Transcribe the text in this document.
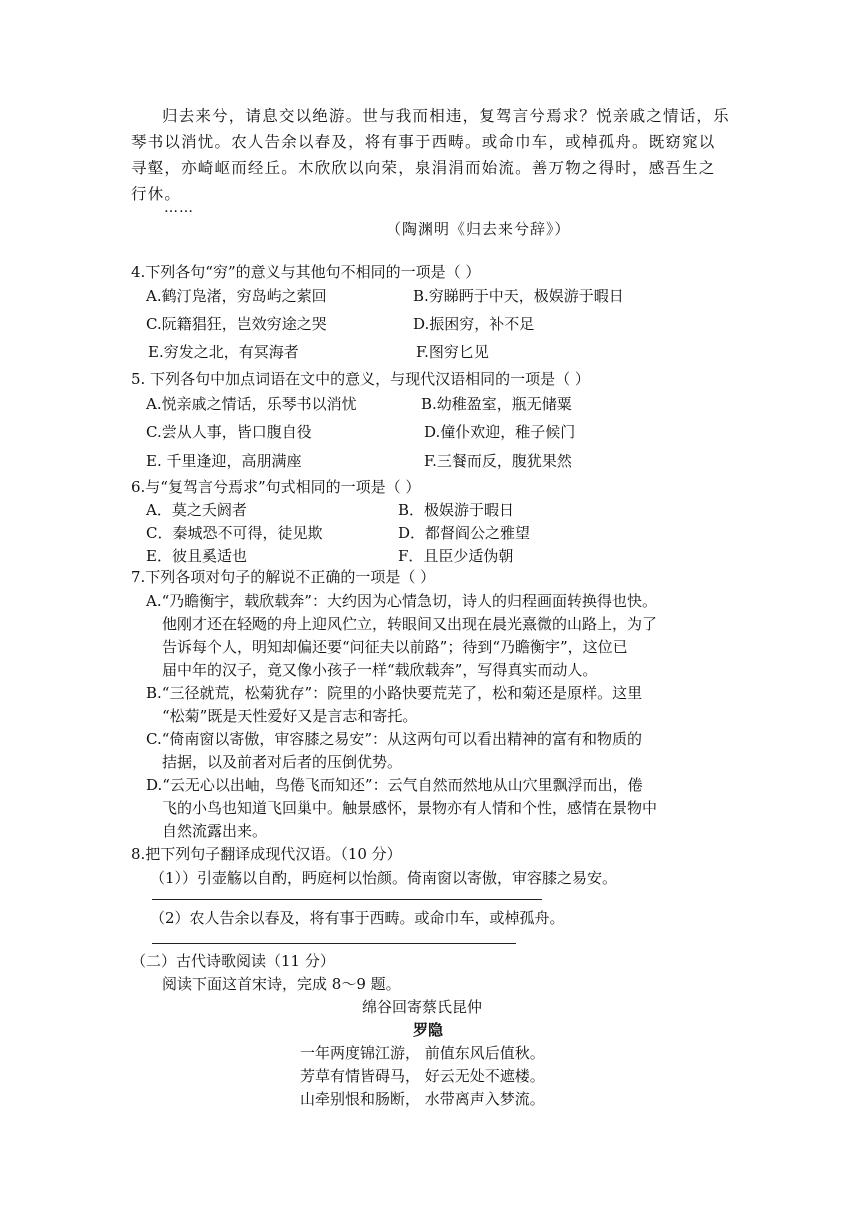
归去来兮，请息交以绝游。世与我而相违，复驾言兮焉求？悦亲戚之情话，乐琴书以消忧。农人告余以春及，将有事于西畴。或命巾车，或棹孤舟。既窈窕以寻壑，亦崎岖而经丘。木欣欣以向荣，泉涓涓而始流。善万物之得时，感吾生之行休。

……
（陶渊明《归去来兮辞》）
4.下列各句“穷”的意义与其他句不相同的一项是（ ）
A.鹤汀凫渚，穷岛屿之萦回	B.穷睇眄于中天，极娱游于暇日
C.阮籍猖狂，岂效穷途之哭	D.振困穷，补不足
E.穷发之北，有冥海者	F.图穷匕见
5. 下列各句中加点词语在文中的意义，与现代汉语相同的一项是（ ）
A.悦亲戚之情话，乐琴书以消忧	B.幼稚盈室，瓶无储粟
C.尝从人事，皆口腹自役	D.僮仆欢迎，稚子候门
E. 千里逢迎，高朋满座	F.三餐而反，腹犹果然
6.与“复驾言兮焉求”句式相同的一项是（ ）
A．莫之夭阏者	B．极娱游于暇日
C．秦城恐不可得，徒见欺	D．都督阎公之雅望
E．彼且奚适也	F．且臣少适伪朝
7.下列各项对句子的解说不正确的一项是（ ）
A.“乃瞻衡宇，载欣载奔”：大约因为心情急切，诗人的归程画面转换得也快。
他刚才还在轻飏的舟上迎风伫立，转眼间又出现在晨光熹微的山路上，为了
告诉每个人，明知却偏还要“问征夫以前路”；待到“乃瞻衡宇”，这位已
届中年的汉子，竟又像小孩子一样“载欣载奔”，写得真实而动人。
B.“三径就荒，松菊犹存”：院里的小路快要荒芜了，松和菊还是原样。这里
“松菊”既是天性爱好又是言志和寄托。
C.“倚南窗以寄傲，审容膝之易安”：从这两句可以看出精神的富有和物质的
拮据，以及前者对后者的压倒优势。
D.“云无心以出岫，鸟倦飞而知还”：云气自然而然地从山穴里飘浮而出，倦
飞的小鸟也知道飞回巢中。触景感怀，景物亦有人情和个性，感情在景物中
自然流露出来。
8.把下列句子翻译成现代汉语。（10 分）
（1））引壶觞以自酌，眄庭柯以怡颜。倚南窗以寄傲，审容膝之易安。
（2）农人告余以春及，将有事于西畴。或命巾车，或棹孤舟。
（二）古代诗歌阅读（11 分）
阅读下面这首宋诗，完成 8～9 题。
绵谷回寄蔡氏昆仲
罗隐
一年两度锦江游， 前值东风后值秋。
芳草有情皆碍马， 好云无处不遮楼。
山牵别恨和肠断， 水带离声入梦流。
